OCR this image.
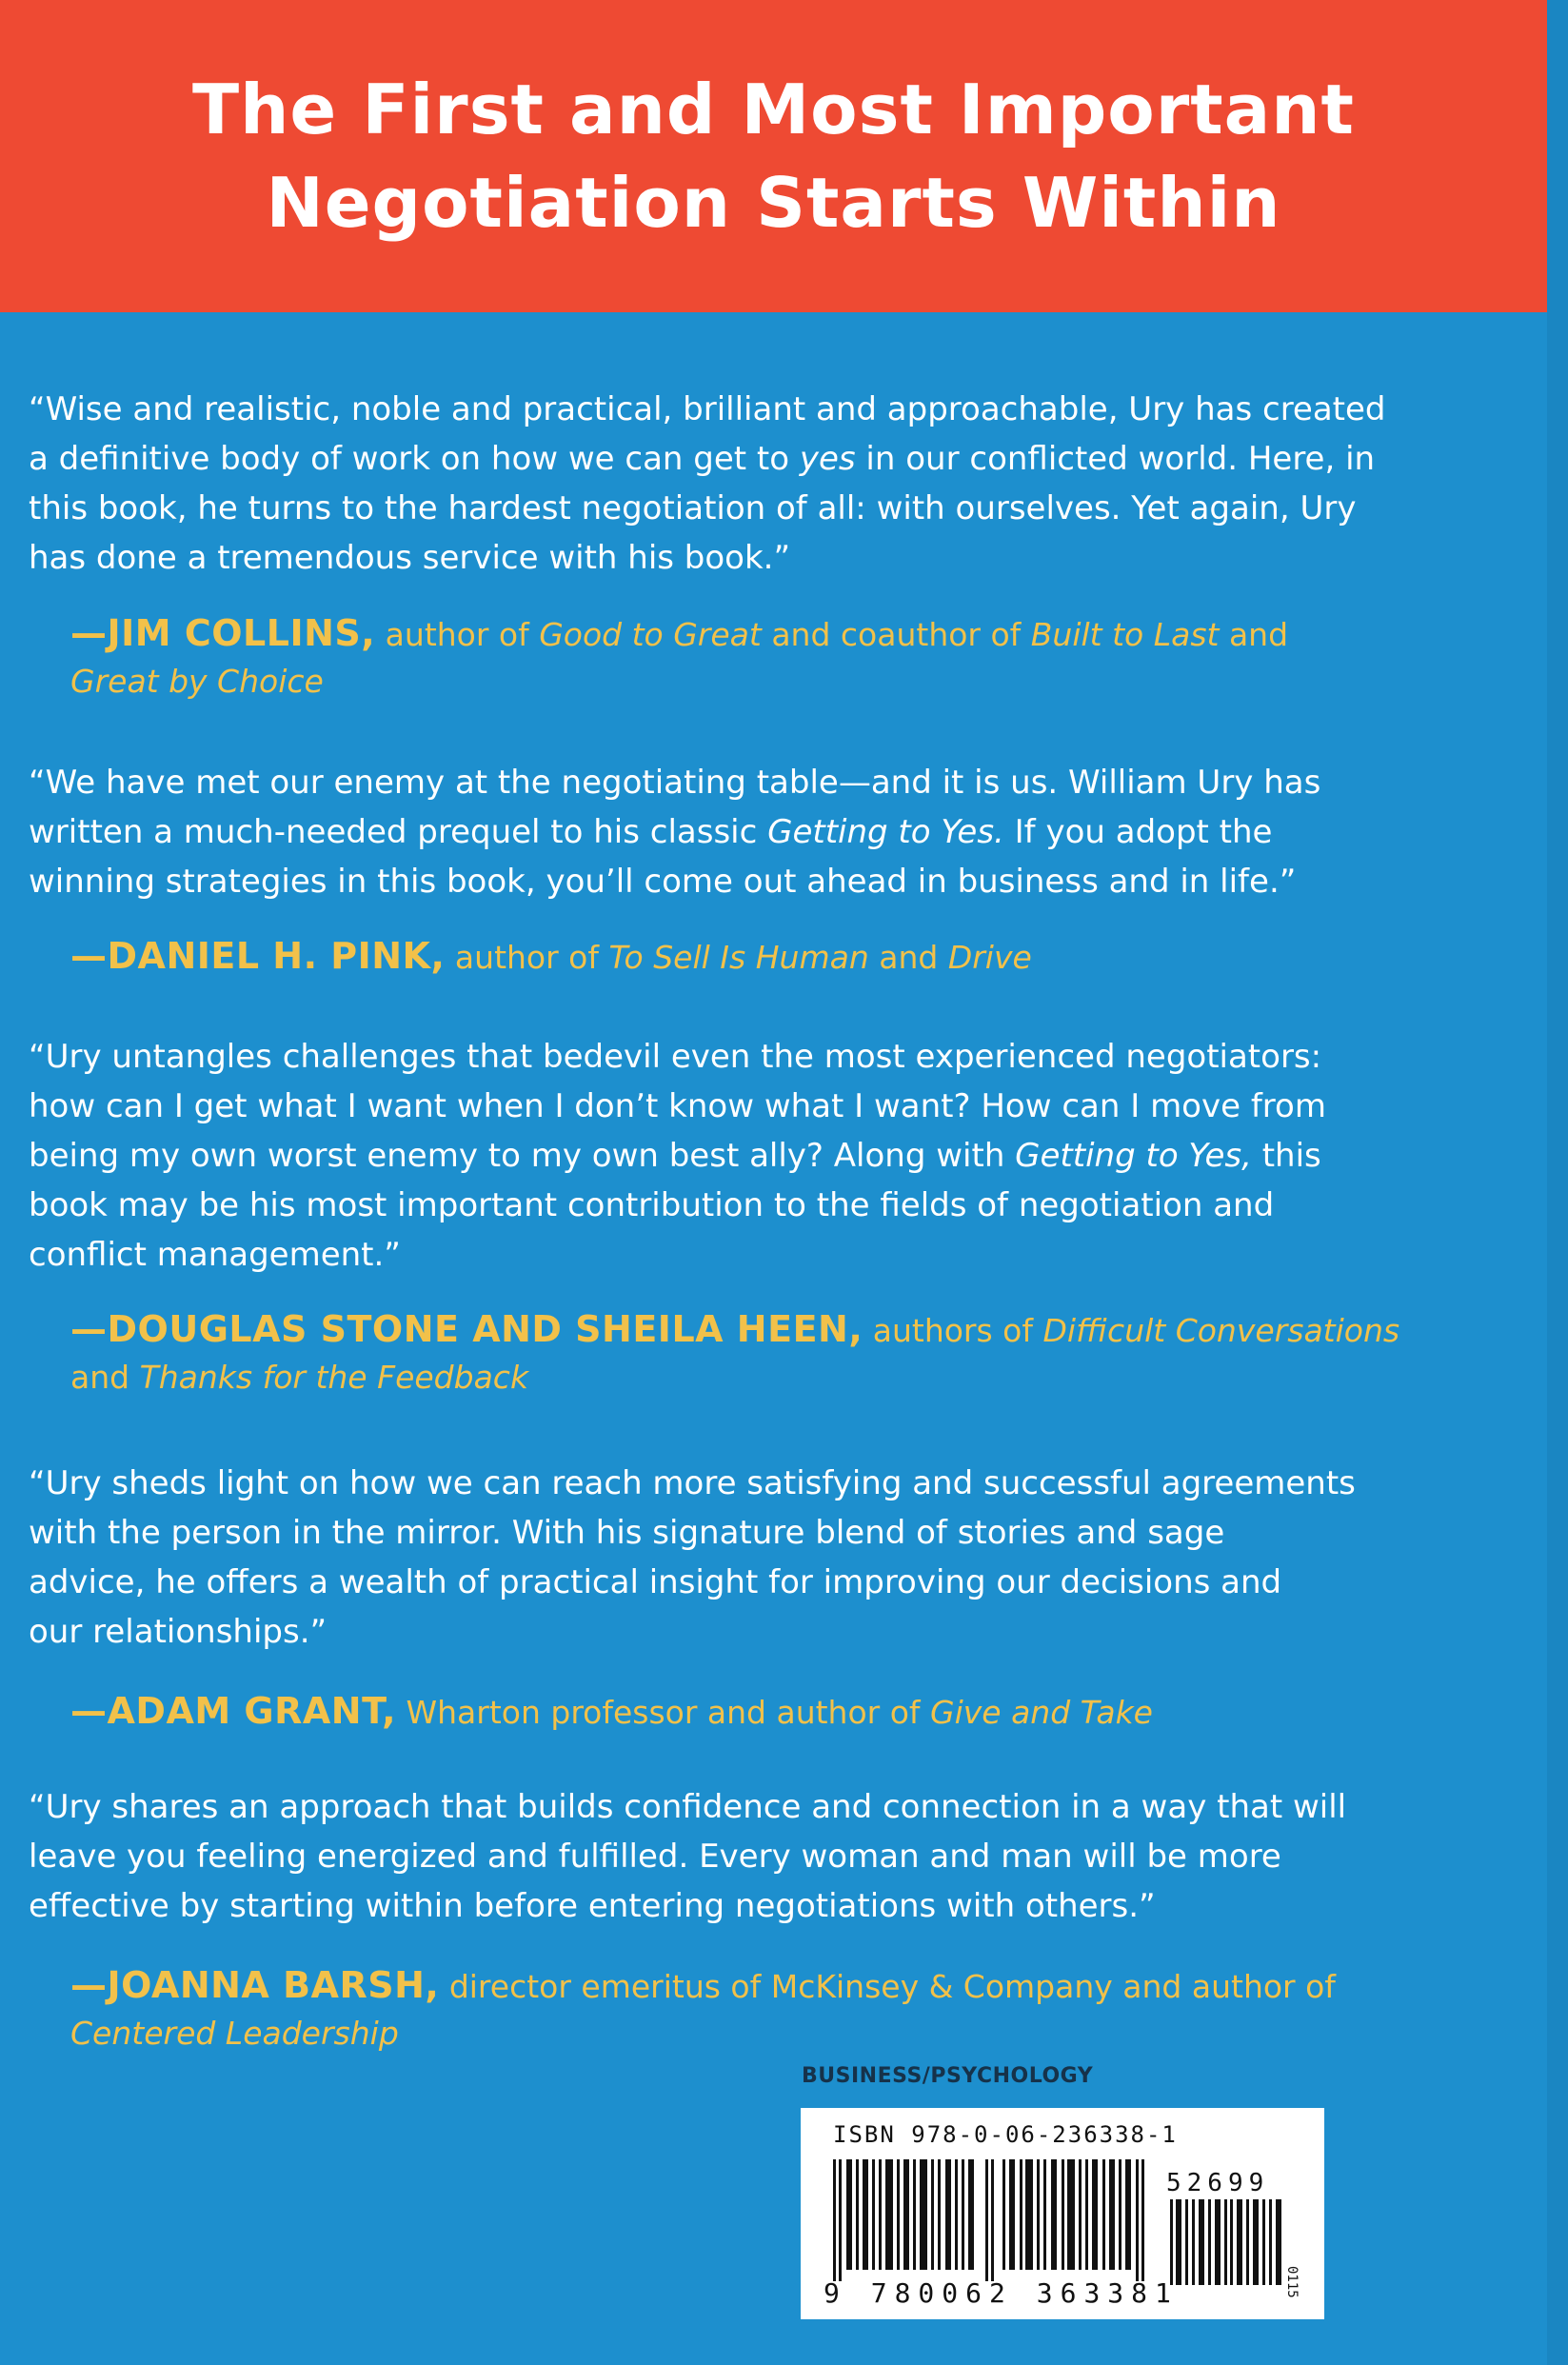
The First and Most Important
Negotiation Starts Within
“Wise and realistic, noble and practical, brilliant and approachable, Ury has created
a definitive body of work on how we can get to yes in our conflicted world. Here, in
this book, he turns to the hardest negotiation of all: with ourselves. Yet again, Ury
has done a tremendous service with his book.”
—JIM COLLINS, author of Good to Great and coauthor of Built to Last and
Great by Choice
“We have met our enemy at the negotiating table—and it is us. William Ury has
written a much-needed prequel to his classic Getting to Yes. If you adopt the
winning strategies in this book, you’ll come out ahead in business and in life.”
—DANIEL H. PINK, author of To Sell Is Human and Drive
“Ury untangles challenges that bedevil even the most experienced negotiators:
how can I get what I want when I don’t know what I want? How can I move from
being my own worst enemy to my own best ally? Along with Getting to Yes, this
book may be his most important contribution to the fields of negotiation and
conflict management.”
—DOUGLAS STONE AND SHEILA HEEN, authors of Difficult Conversations
and Thanks for the Feedback
“Ury sheds light on how we can reach more satisfying and successful agreements
with the person in the mirror. With his signature blend of stories and sage
advice, he offers a wealth of practical insight for improving our decisions and
our relationships.”
—ADAM GRANT, Wharton professor and author of Give and Take
“Ury shares an approach that builds confidence and connection in a way that will
leave you feeling energized and fulfilled. Every woman and man will be more
effective by starting within before entering negotiations with others.”
—JOANNA BARSH, director emeritus of McKinsey & Company and author of
Centered Leadership
BUSINESS/PSYCHOLOGY
ISBN 978-0-06-236338-1
52699
9 780062 363381	0115
